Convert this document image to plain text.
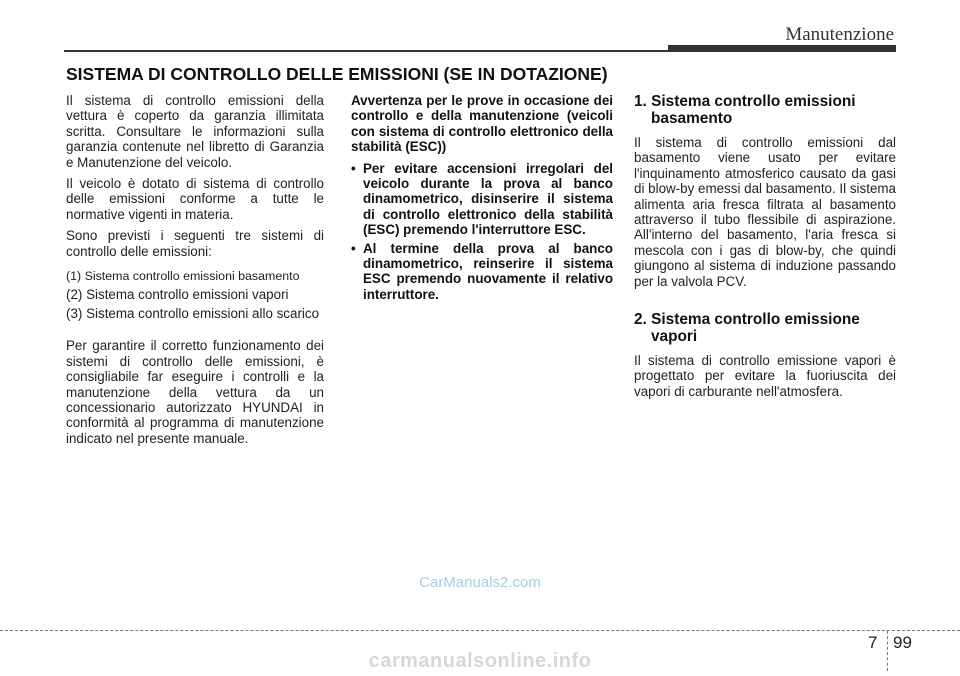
Manutenzione
SISTEMA DI CONTROLLO DELLE EMISSIONI (SE IN DOTAZIONE)

Il sistema di controllo emissioni della vettura è coperto da garanzia illimitata scritta. Consultare le informazioni sulla garanzia contenute nel libretto di Garanzia e Manutenzione del veicolo.

Il veicolo è dotato di sistema di controllo delle emissioni conforme a tutte le normative vigenti in materia.

Sono previsti i seguenti tre sistemi di controllo delle emissioni:

(1) Sistema controllo emissioni basamento

(2) Sistema controllo emissioni vapori

(3) Sistema controllo emissioni allo scarico

Per garantire il corretto funzionamento dei sistemi di controllo delle emissioni, è consigliabile far eseguire i controlli e la manutenzione della vettura da un concessionario autorizzato HYUNDAI in conformità al programma di manutenzione indicato nel presente manuale.

Avvertenza per le prove in occasione dei controllo e della manutenzione (veicoli con sistema di controllo elettronico della stabilità (ESC))

• Per evitare accensioni irregolari del veicolo durante la prova al banco dinamometrico, disinserire il sistema di controllo elettronico della stabilità (ESC) premendo l'interruttore ESC.
• Al termine della prova al banco dinamometrico, reinserire il sistema ESC premendo nuovamente il relativo interruttore.
1. Sistema controllo emissioni basamento

Il sistema di controllo emissioni dal basamento viene usato per evitare l'inquinamento atmosferico causato da gasi di blow-by emessi dal basamento. Il sistema alimenta aria fresca filtrata al basamento attraverso il tubo flessibile di aspirazione. All'interno del basamento, l'aria fresca si mescola con i gas di blow-by, che quindi giungono al sistema di induzione passando per la valvola PCV.

2. Sistema controllo emissione vapori

Il sistema di controllo emissione vapori è progettato per evitare la fuoriuscita dei vapori di carburante nell'atmosfera.

CarManuals2.com
7 99
carmanualsonline.info
